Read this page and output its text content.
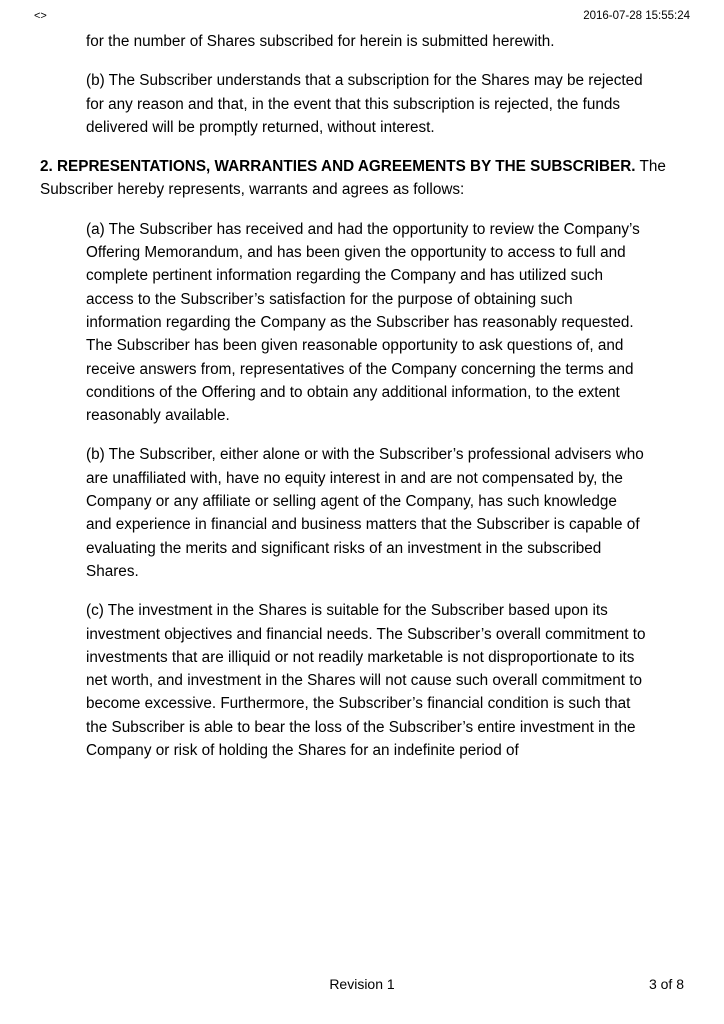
<>	2016-07-28 15:55:24

for the number of Shares subscribed for herein is submitted herewith.

(b) The Subscriber understands that a subscription for the Shares may be rejected for any reason and that, in the event that this subscription is rejected, the funds delivered will be promptly returned, without interest.

2. REPRESENTATIONS, WARRANTIES AND AGREEMENTS BY THE SUBSCRIBER. The Subscriber hereby represents, warrants and agrees as follows:

(a) The Subscriber has received and had the opportunity to review the Company’s Offering Memorandum, and has been given the opportunity to access to full and complete pertinent information regarding the Company and has utilized such access to the Subscriber’s satisfaction for the purpose of obtaining such information regarding the Company as the Subscriber has reasonably requested. The Subscriber has been given reasonable opportunity to ask questions of, and receive answers from, representatives of the Company concerning the terms and conditions of the Offering and to obtain any additional information, to the extent reasonably available.

(b) The Subscriber, either alone or with the Subscriber’s professional advisers who are unaffiliated with, have no equity interest in and are not compensated by, the Company or any affiliate or selling agent of the Company, has such knowledge and experience in financial and business matters that the Subscriber is capable of evaluating the merits and significant risks of an investment in the subscribed Shares.

(c) The investment in the Shares is suitable for the Subscriber based upon its investment objectives and financial needs. The Subscriber’s overall commitment to investments that are illiquid or not readily marketable is not disproportionate to its net worth, and investment in the Shares will not cause such overall commitment to become excessive. Furthermore, the Subscriber’s financial condition is such that the Subscriber is able to bear the loss of the Subscriber’s entire investment in the Company or risk of holding the Shares for an indefinite period of

Revision 1	3 of 8
